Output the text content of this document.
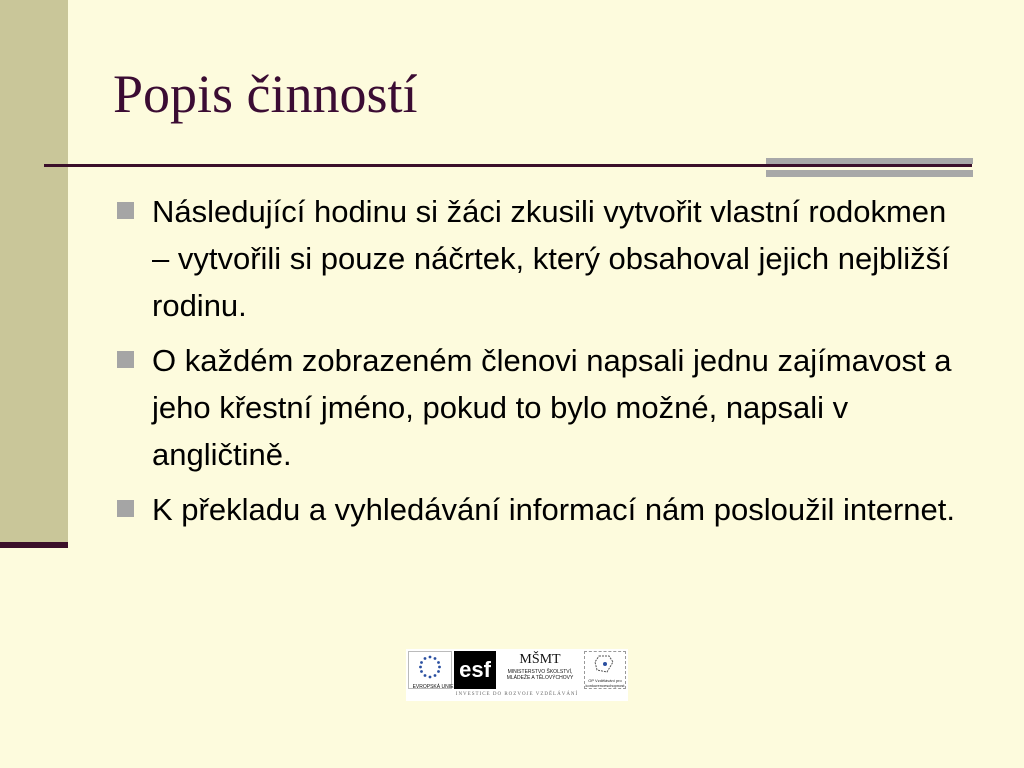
Popis činností
Následující hodinu si žáci zkusili vytvořit vlastní rodokmen – vytvořili si pouze náčrtek, který obsahoval jejich nejbližší rodinu.
O každém zobrazeném členovi napsali jednu zajímavost a jeho křestní jméno, pokud to bylo možné, napsali v angličtině.
K překladu a vyhledávání informací nám posloužil internet.
EVROPSKÁ UNIE
esf	MŠMT
MINISTERSTVO ŠKOLSTVÍ, MLÁDEŽE A TĚLOVÝCHOVY	OP Vzdělávání pro konkurenceschopnost
INVESTICE DO ROZVOJE VZDĚLÁVÁNÍ
